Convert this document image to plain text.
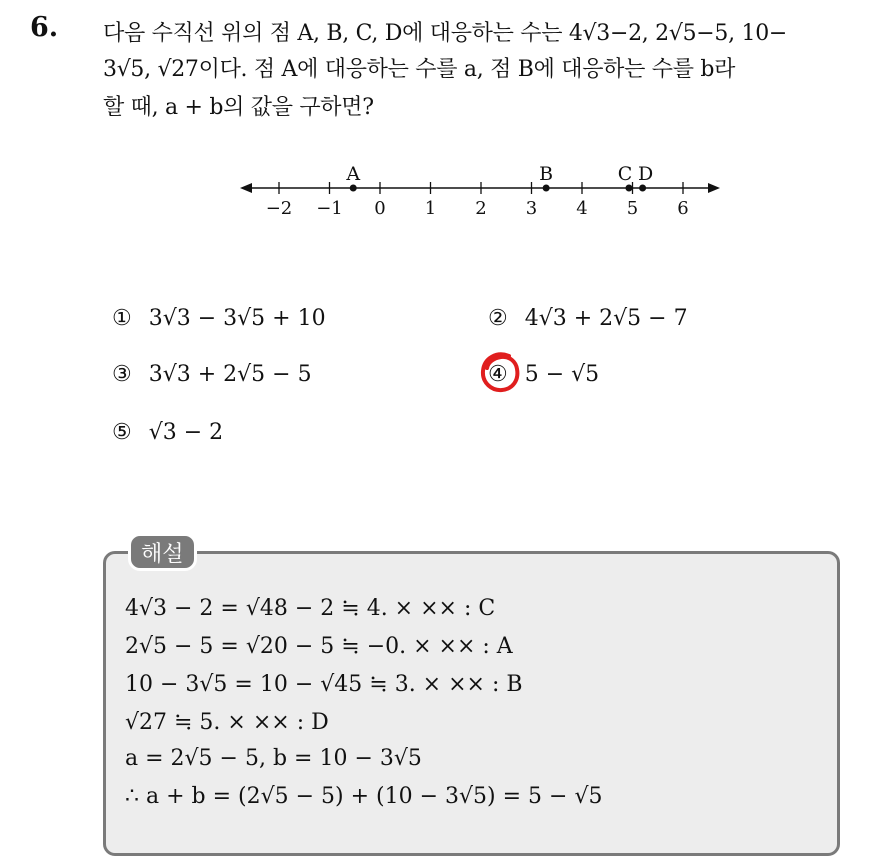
6. 다음 수직선 위의 점 A, B, C, D에 대응하는 수는 4√3−2, 2√5−5, 10−
3√5, √27이다. 점 A에 대응하는 수를 a, 점 B에 대응하는 수를 b라
할 때, a + b의 값을 구하면?
−2 −1 0 1 2 3 4 5 6
A	B	C D
① 3√3 − 3√5 + 10	② 4√3 + 2√5 − 7
③ 3√3 + 2√5 − 5	④ 5 − √5
⑤ √3 − 2
해설
4√3 − 2 = √48 − 2 ≒ 4. × ×× : C
2√5 − 5 = √20 − 5 ≒ −0. × ×× : A
10 − 3√5 = 10 − √45 ≒ 3. × ×× : B
√27 ≒ 5. × ×× : D
a = 2√5 − 5, b = 10 − 3√5
∴ a + b = (2√5 − 5) + (10 − 3√5) = 5 − √5
